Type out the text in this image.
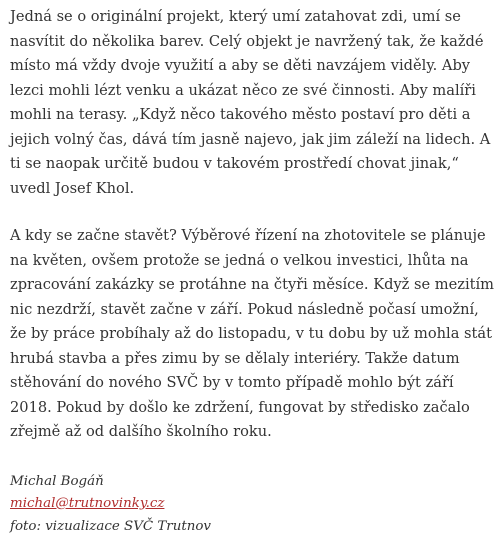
Jedná se o originální projekt, který umí zatahovat zdi, umí se nasvítit do několika barev. Celý objekt je navržený tak, že každé místo má vždy dvoje využití a aby se děti navzájem viděly. Aby lezci mohli lézt venku a ukázat něco ze své činnosti. Aby malíři mohli na terasy. „Když něco takového město postaví pro děti a jejich volný čas, dává tím jasně najevo, jak jim záleží na lidech. A ti se naopak určitě budou v takovém prostředí chovat jinak,“ uvedl Josef Khol.

A kdy se začne stavět? Výběrové řízení na zhotovitele se plánuje na květen, ovšem protože se jedná o velkou investici, lhůta na zpracování zakázky se protáhne na čtyři měsíce. Když se mezitím nic nezdrží, stavět začne v září. Pokud následně počasí umožní, že by práce probíhaly až do listopadu, v tu dobu by už mohla stát hrubá stavba a přes zimu by se dělaly interiéry. Takže datum stěhování do nového SVČ by v tomto případě mohlo být září 2018. Pokud by došlo ke zdržení, fungovat by středisko začalo zřejmě až od dalšího školního roku.

Michal Bogáň
michal@trutnovinky.cz
foto: vizualizace SVČ Trutnov
